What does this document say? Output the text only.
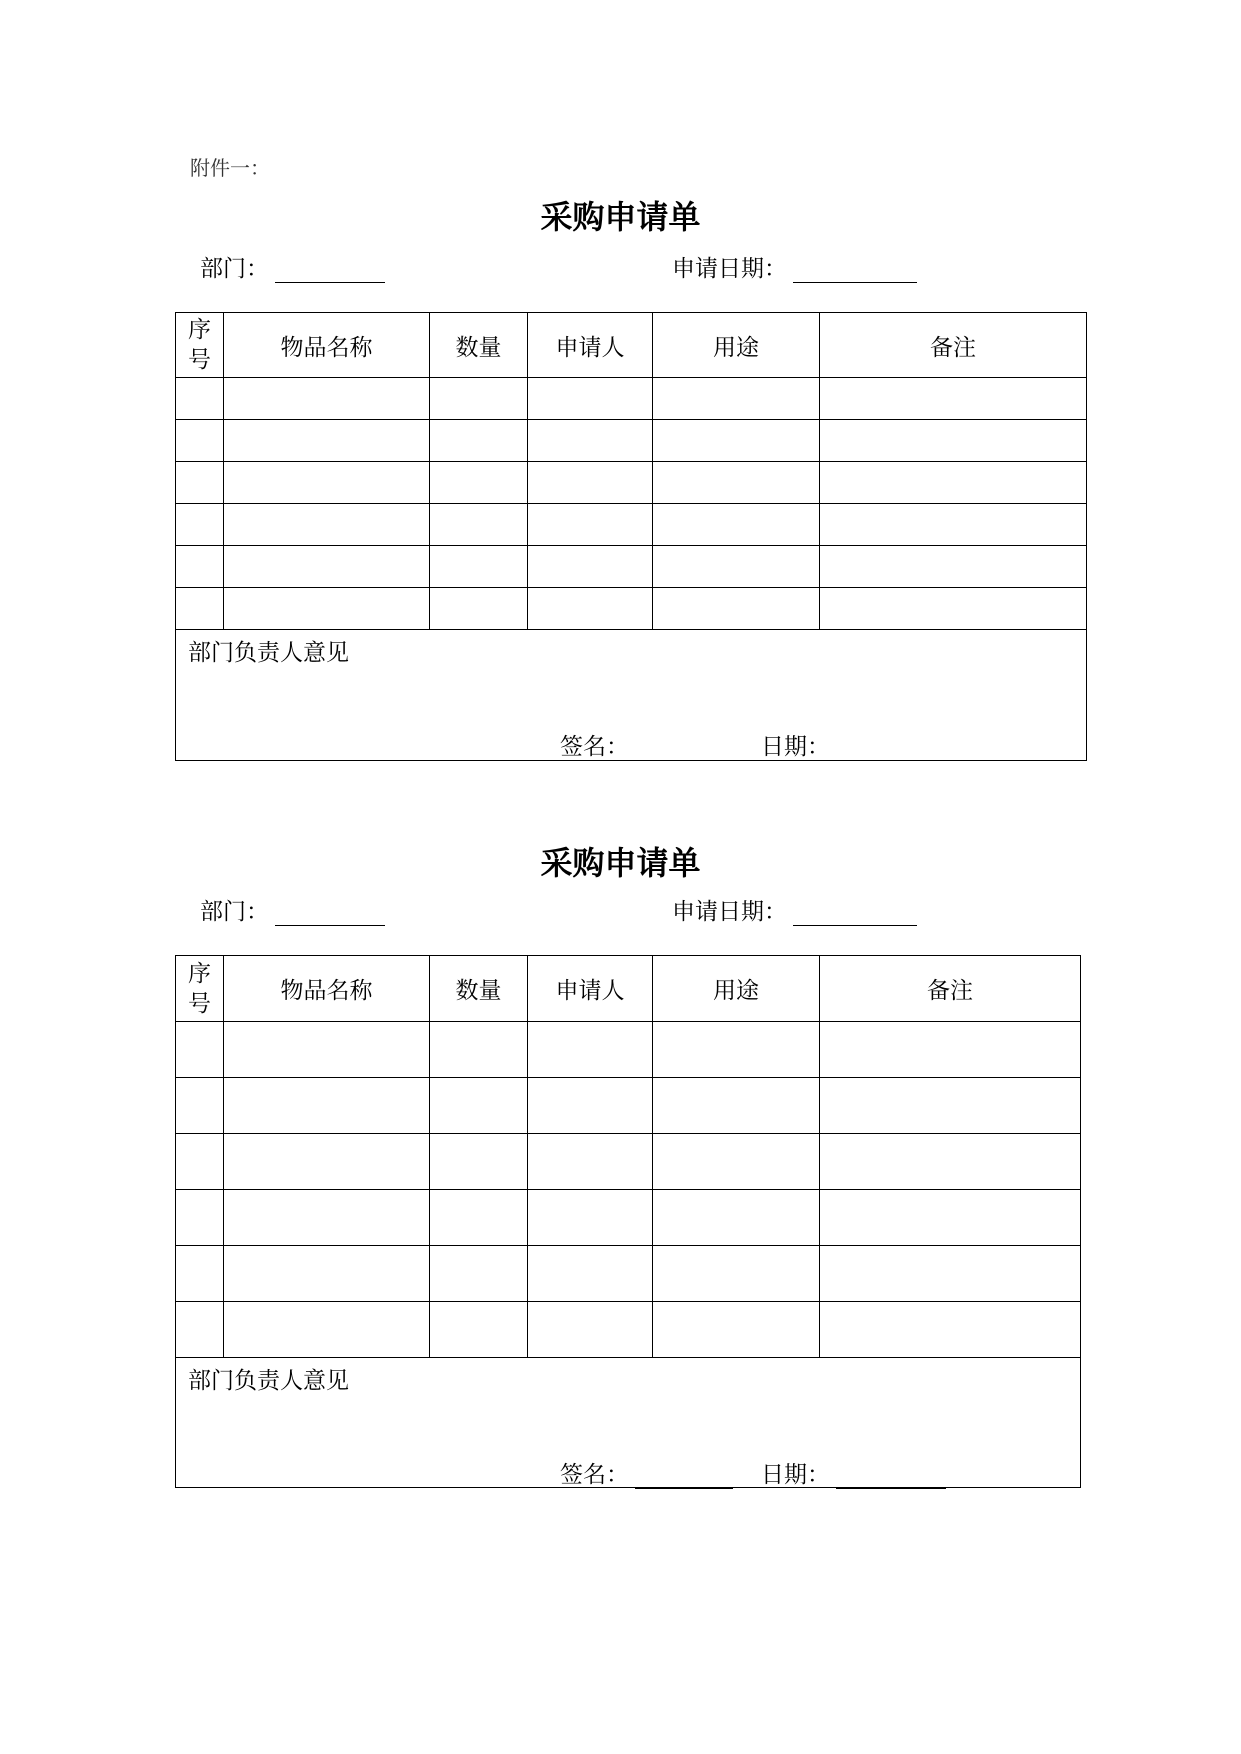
附件一：
采购申请单
部门：	申请日期：
序
号	物品名称	数量	申请人	用途	备注

部门负责人意见
签名： 日期：					
采购申请单
部门：	申请日期：
序
号	物品名称	数量	申请人	用途	备注

部门负责人意见
签名： 日期：					
